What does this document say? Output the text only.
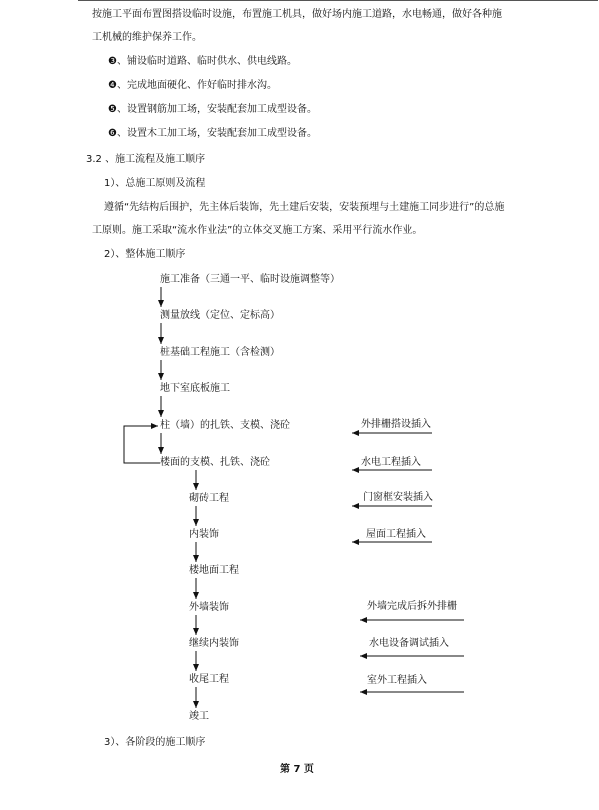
按施工平面布置图搭设临时设施，布置施工机具，做好场内施工道路，水电畅通，做好各种施
工机械的维护保养工作。
❸、铺设临时道路、临时供水、供电线路。
❹、完成地面硬化、作好临时排水沟。
❺、设置钢筋加工场，安装配套加工成型设备。
❻、设置木工加工场，安装配套加工成型设备。
3.2 、施工流程及施工顺序
1）、总施工原则及流程
遵循“先结构后围护，先主体后装饰，先土建后安装，安装预埋与土建施工同步进行”的总施
工原则。施工采取“流水作业法”的立体交叉施工方案、采用平行流水作业。
2）、整体施工顺序
施工准备（三通一平、临时设施调整等）
测量放线（定位、定标高）
桩基础工程施工（含检测）
地下室底板施工
柱（墙）的扎铁、支模、浇砼
楼面的支模、扎铁、浇砼
砌砖工程
内装饰
楼地面工程
外墙装饰
继续内装饰
收尾工程
竣工
外排栅搭设插入
水电工程插入
门窗框安装插入
屋面工程插入
外墙完成后拆外排栅
水电设备调试插入
室外工程插入
3）、各阶段的施工顺序
第 7 页
